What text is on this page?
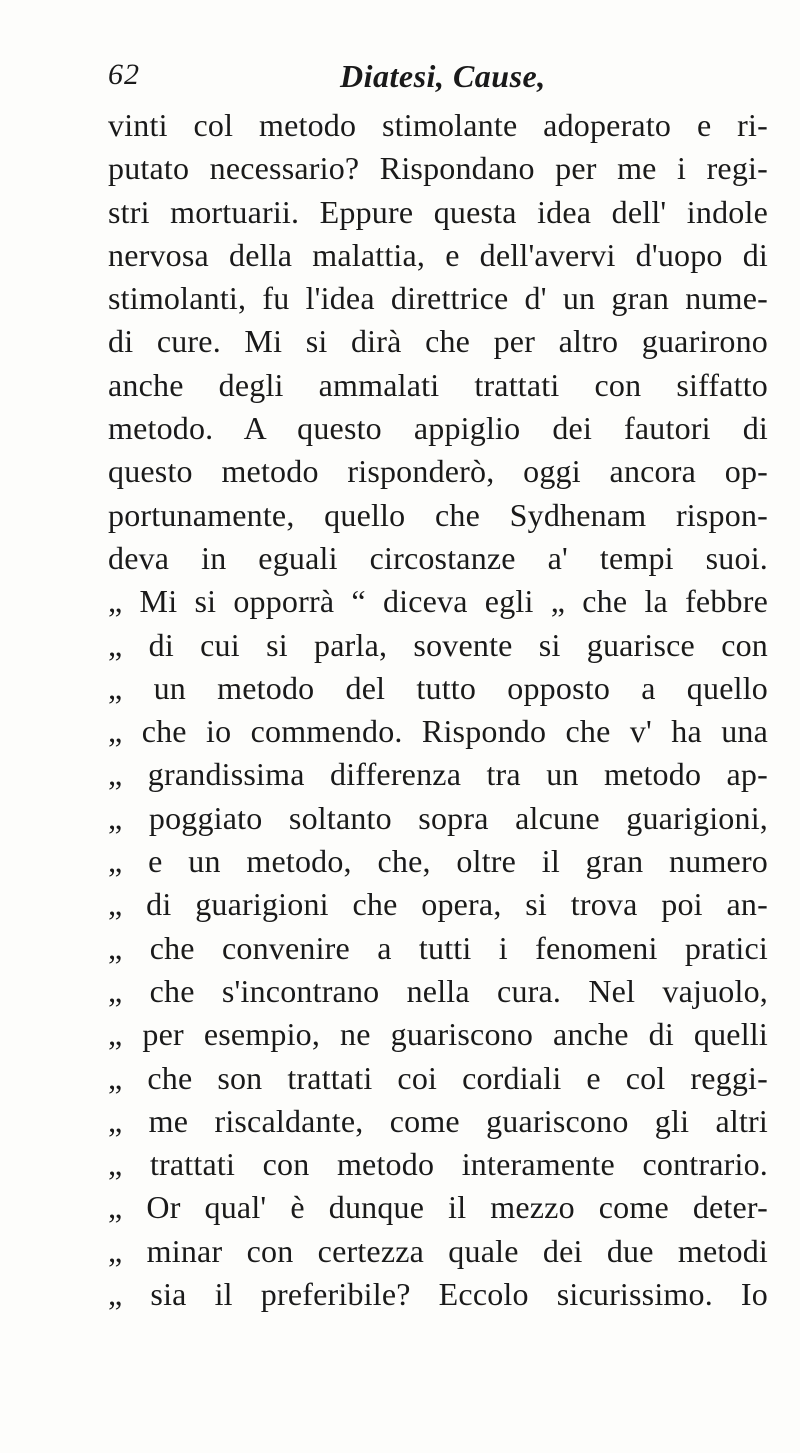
62	Diatesi, Cause,
vinti col metodo stimolante adoperato e ri-
putato necessario? Rispondano per me i regi-
stri mortuarii. Eppure questa idea dell' indole
nervosa della malattia, e dell'avervi d'uopo di
stimolanti, fu l'idea direttrice d' un gran nume-
di cure. Mi si dirà che per altro guarirono
anche degli ammalati trattati con siffatto
metodo. A questo appiglio dei fautori di
questo metodo risponderò, oggi ancora op-
portunamente, quello che Sydhenam rispon-
deva in eguali circostanze a' tempi suoi.
„ Mi si opporrà “ diceva egli „ che la febbre
„ di cui si parla, sovente si guarisce con
„ un metodo del tutto opposto a quello
„ che io commendo. Rispondo che v' ha una
„ grandissima differenza tra un metodo ap-
„ poggiato soltanto sopra alcune guarigioni,
„ e un metodo, che, oltre il gran numero
„ di guarigioni che opera, si trova poi an-
„ che convenire a tutti i fenomeni pratici
„ che s'incontrano nella cura. Nel vajuolo,
„ per esempio, ne guariscono anche di quelli
„ che son trattati coi cordiali e col reggi-
„ me riscaldante, come guariscono gli altri
„ trattati con metodo interamente contrario.
„ Or qual' è dunque il mezzo come deter-
„ minar con certezza quale dei due metodi
„ sia il preferibile? Eccolo sicurissimo. Io
